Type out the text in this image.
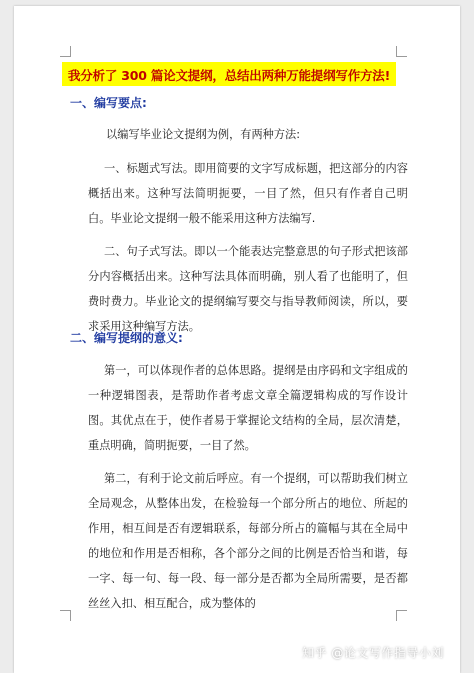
我分析了 300 篇论文提纲，总结出两种万能提纲写作方法!
一、编写要点:
以编写毕业论文提纲为例，有两种方法:
一、标题式写法。即用简要的文字写成标题，把这部分的内容概括出来。这种写法简明扼要，一目了然，但只有作者自己明白。毕业论文提纲一般不能采用这种方法编写.
二、句子式写法。即以一个能表达完整意思的句子形式把该部分内容概括出来。这种写法具体而明确，别人看了也能明了，但费时费力。毕业论文的提纲编写要交与指导教师阅读，所以，要求采用这种编写方法。
二、编写提纲的意义:
第一，可以体现作者的总体思路。提纲是由序码和文字组成的一种逻辑图表，是帮助作者考虑文章全篇逻辑构成的写作设计图。其优点在于，使作者易于掌握论文结构的全局，层次清楚，重点明确，简明扼要，一目了然。
第二，有利于论文前后呼应。有一个提纲，可以帮助我们树立全局观念，从整体出发，在检验每一个部分所占的地位、所起的作用，相互间是否有逻辑联系，每部分所占的篇幅与其在全局中的地位和作用是否相称，各个部分之间的比例是否恰当和谐，每一字、每一句、每一段、每一部分是否都为全局所需要，是否都丝丝入扣、相互配合，成为整体的
知乎 @论文写作指导小刘
